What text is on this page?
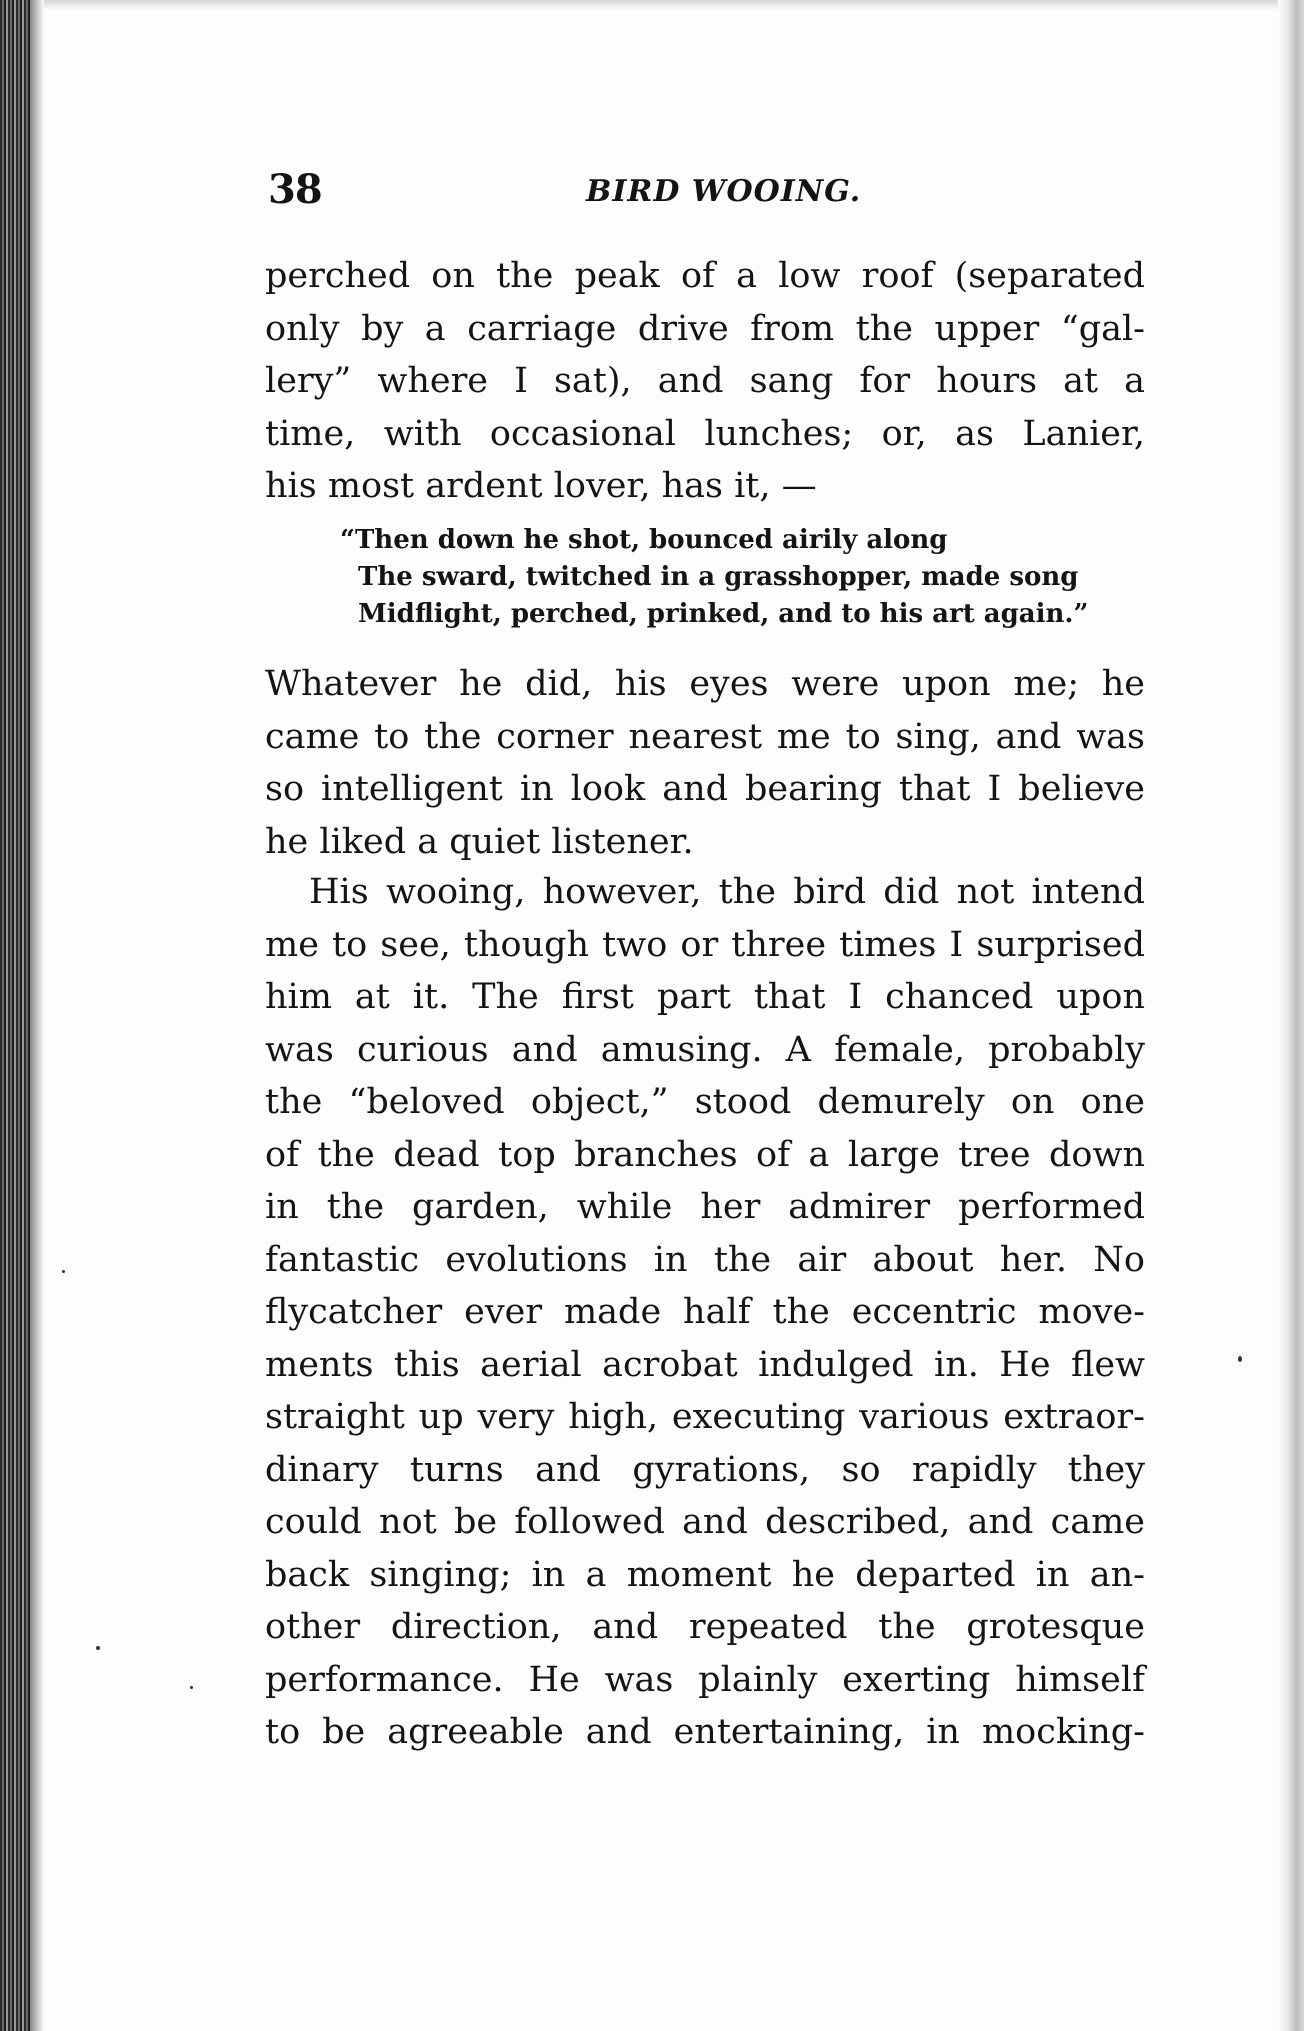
38	BIRD WOOING.
perched on the peak of a low roof (separated
only by a carriage drive from the upper “gal-
lery” where I sat), and sang for hours at a
time, with occasional lunches; or, as Lanier,
his most ardent lover, has it, —
“Then down he shot, bounced airily along
The sward, twitched in a grasshopper, made song
Midflight, perched, prinked, and to his art again.”
Whatever he did, his eyes were upon me; he
came to the corner nearest me to sing, and was
so intelligent in look and bearing that I believe
he liked a quiet listener.
His wooing, however, the bird did not intend
me to see, though two or three times I surprised
him at it. The first part that I chanced upon
was curious and amusing. A female, probably
the “beloved object,” stood demurely on one
of the dead top branches of a large tree down
in the garden, while her admirer performed
fantastic evolutions in the air about her. No
flycatcher ever made half the eccentric move-
ments this aerial acrobat indulged in. He flew
straight up very high, executing various extraor-
dinary turns and gyrations, so rapidly they
could not be followed and described, and came
back singing; in a moment he departed in an-
other direction, and repeated the grotesque
performance. He was plainly exerting himself
to be agreeable and entertaining, in mocking-
